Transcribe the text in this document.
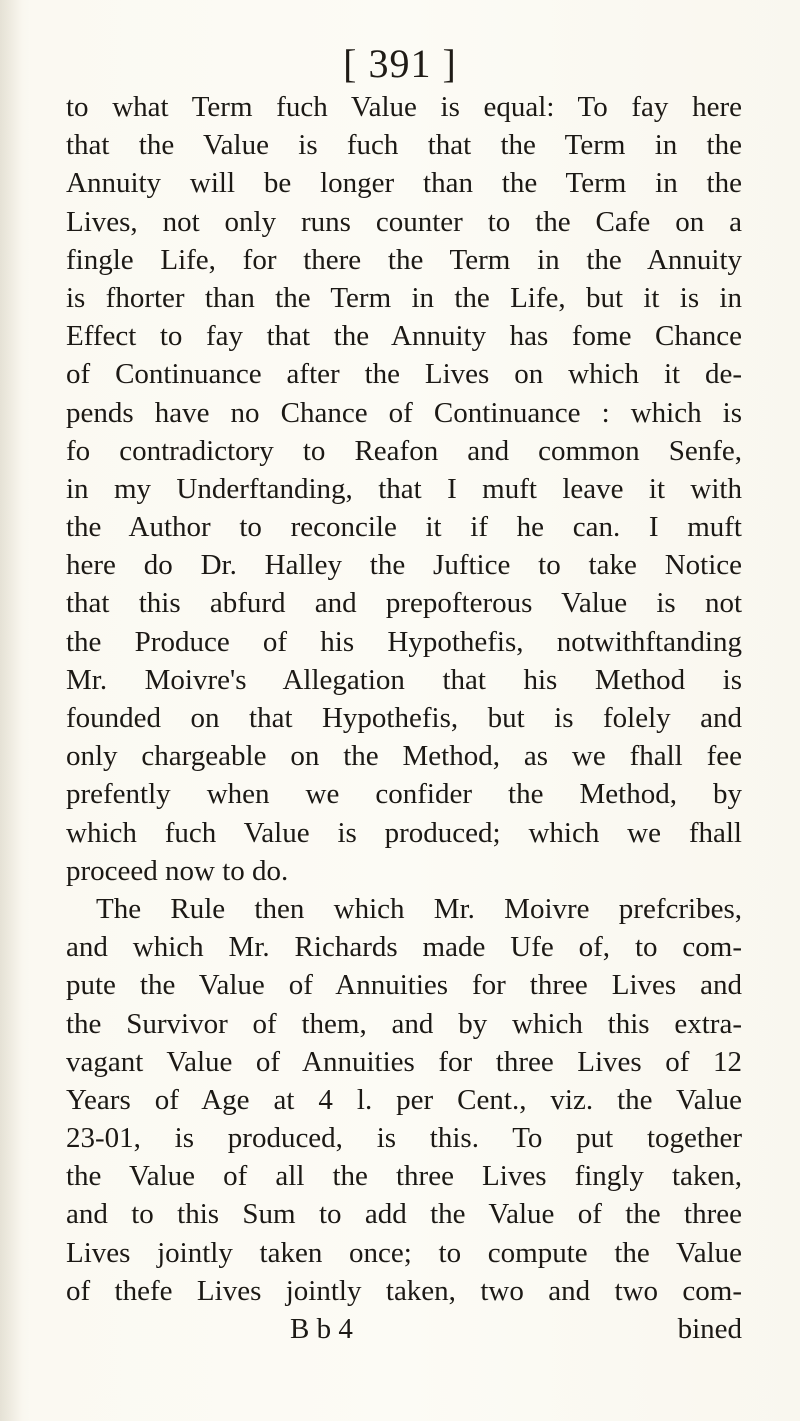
[ 391 ]
to what Term fuch Value is equal: To fay here
that the Value is fuch that the Term in the
Annuity will be longer than the Term in the
Lives, not only runs counter to the Cafe on a
fingle Life, for there the Term in the Annuity
is fhorter than the Term in the Life, but it is in
Effect to fay that the Annuity has fome Chance
of Continuance after the Lives on which it de-
pends have no Chance of Continuance : which is
fo contradictory to Reafon and common Senfe,
in my Underftanding, that I muft leave it with
the Author to reconcile it if he can. I muft
here do Dr. Halley the Juftice to take Notice
that this abfurd and prepofterous Value is not
the Produce of his Hypothefis, notwithftanding
Mr. Moivre's Allegation that his Method is
founded on that Hypothefis, but is folely and
only chargeable on the Method, as we fhall fee
prefently when we confider the Method, by
which fuch Value is produced; which we fhall
proceed now to do.
The Rule then which Mr. Moivre prefcribes,
and which Mr. Richards made Ufe of, to com-
pute the Value of Annuities for three Lives and
the Survivor of them, and by which this extra-
vagant Value of Annuities for three Lives of 12
Years of Age at 4 l. per Cent., viz. the Value
23-01, is produced, is this. To put together
the Value of all the three Lives fingly taken,
and to this Sum to add the Value of the three
Lives jointly taken once; to compute the Value
of thefe Lives jointly taken, two and two com-
B b 4	bined
